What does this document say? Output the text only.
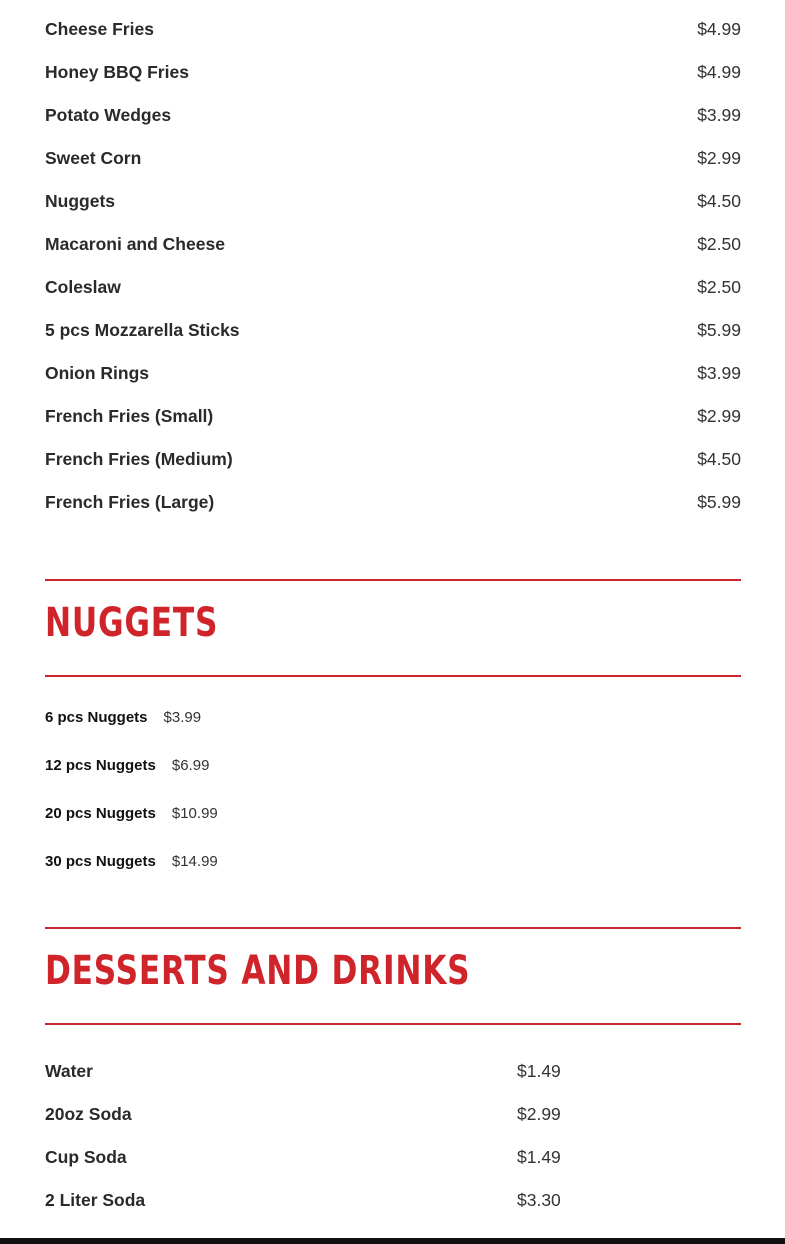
Cheese Fries	$4.99
Honey BBQ Fries	$4.99
Potato Wedges	$3.99
Sweet Corn	$2.99
Nuggets	$4.50
Macaroni and Cheese	$2.50
Coleslaw	$2.50
5 pcs Mozzarella Sticks	$5.99
Onion Rings	$3.99
French Fries (Small)	$2.99
French Fries (Medium)	$4.50
French Fries (Large)	$5.99
NUGGETS
6 pcs Nuggets $3.99
12 pcs Nuggets $6.99
20 pcs Nuggets $10.99
30 pcs Nuggets $14.99
DESSERTS AND DRINKS
Water	$1.49
20oz Soda	$2.99
Cup Soda	$1.49
2 Liter Soda	$3.30
